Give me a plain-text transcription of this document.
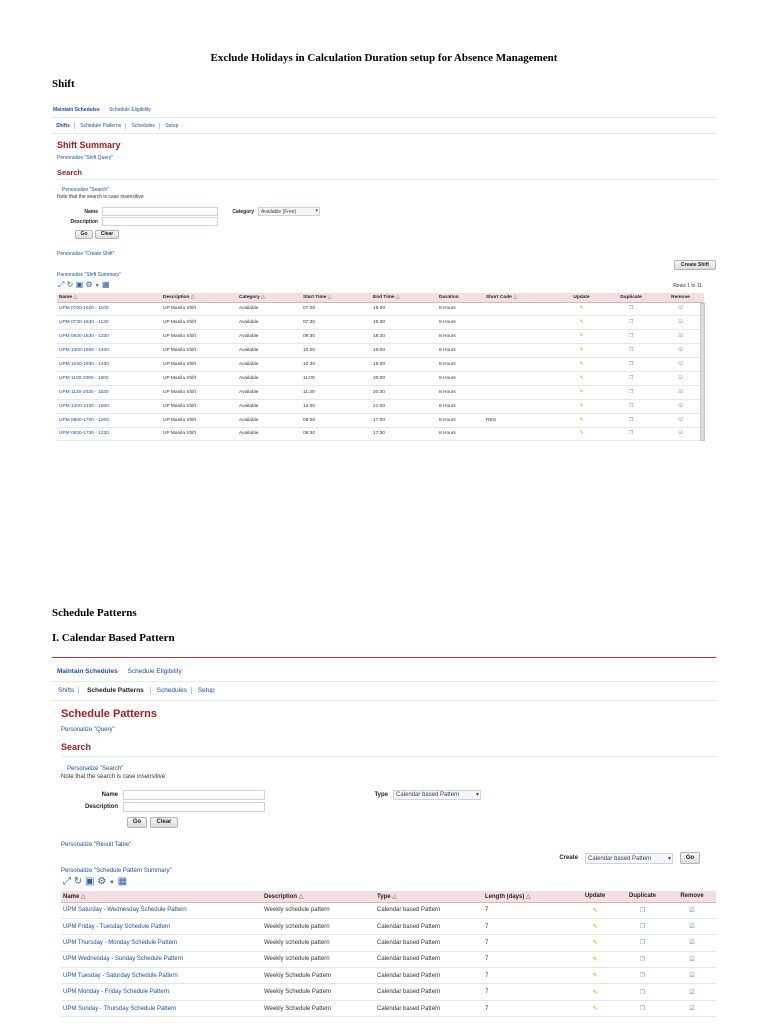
Exclude Holidays in Calculation Duration setup for Absence Management
Shift
Maintain Schedules Schedule Eligibility
Shifts Schedule Patterns Schedules Setup
Shift Summary
Personalize "Shift Query"
Search
Personalize "Search"
Note that the search is case insensitive
Name
Description
Category	Available (Free)	▾
Go	Clear
Personalize "Create Shift"
Create Shift
Personalize "Shift Summary"
⤢ ↻ ▣ ⚙ ▼ ▦	Rows 1 to 11
Name △	Description △	Category △	Start Time △	End Time △	Duration	Short Code △	Update	Duplicate	Remove
UPM 0700-1600 - 1100	UP Manila Shift	Available	07:00	16:00	8 Hours		✎	❐	☑
UPM 0730-1630 - 1130	UP Manila Shift	Available	07:30	16:30	8 Hours		✎	❐	☑
UPM 0930-1830 - 1330	UP Manila Shift	Available	09:30	18:30	8 Hours		✎	❐	☑
UPM 1000-1900 - 1400	UP Manila Shift	Available	10:00	19:00	8 Hours		✎	❐	☑
UPM 1030-1930 - 1430	UP Manila Shift	Available	10:30	19:30	8 Hours		✎	❐	☑
UPM 1100-2000 - 1500	UP Manila Shift	Available	11:00	20:00	8 Hours		✎	❐	☑
UPM 1130-2030 - 1530	UP Manila Shift	Available	11:30	20:30	8 Hours		✎	❐	☑
UPM 1200-2100 - 1600	UP Manila Shift	Available	12:00	21:00	8 Hours		✎	❐	☑
UPM 0800-1700 - 1200	UP Manila Shift	Available	08:00	17:00	8 Hours	REG	✎	❐	☑
UPM 0830-1730 - 1230	UP Manila Shift	Available	08:30	17:30	8 Hours		✎	❐	☑
Schedule Patterns
I. Calendar Based Pattern
Maintain Schedules Schedule Eligibility
Shifts Schedule Patterns Schedules Setup
Schedule Patterns
Personalize "Query"
Search
Personalize "Search"
Note that the search is case insensitive
Name
Description
Type	Calendar based Pattern	▾
Go	Clear
Personalize "Result Table"
Create	Calendar based Pattern	▾	Go
Personalize "Schedule Pattern Summary"
⤢ ↻ ▣ ⚙ ▼ ▦
Name △	Description △	Type △	Length (days) △	Update	Duplicate	Remove
UPM Saturday - Wednesday Schedule Pattern	Weekly schedule pattern	Calendar based Pattern	7	✎	❐	☑
UPM Friday - Tuesday Schedule Pattern	Weekly schedule pattern	Calendar based Pattern	7	✎	❐	☑
UPM Thursday - Monday Schedule Pattern	Weekly schedule pattern	Calendar based Pattern	7	✎	❐	☑
UPM Wednesday - Sunday Schedule Pattern	Weekly schedule pattern	Calendar based Pattern	7	✎	❐	☑
UPM Tuesday - Saturday Schedule Pattern	Weekly Schedule Pattern	Calendar based Pattern	7	✎	❐	☑
UPM Monday - Friday Schedule Pattern	Weekly Schedule Pattern	Calendar based Pattern	7	✎	❐	☑
UPM Sunday - Thursday Schedule Pattern	Weekly Schedule Pattern	Calendar based Pattern	7	✎	❐	☑
